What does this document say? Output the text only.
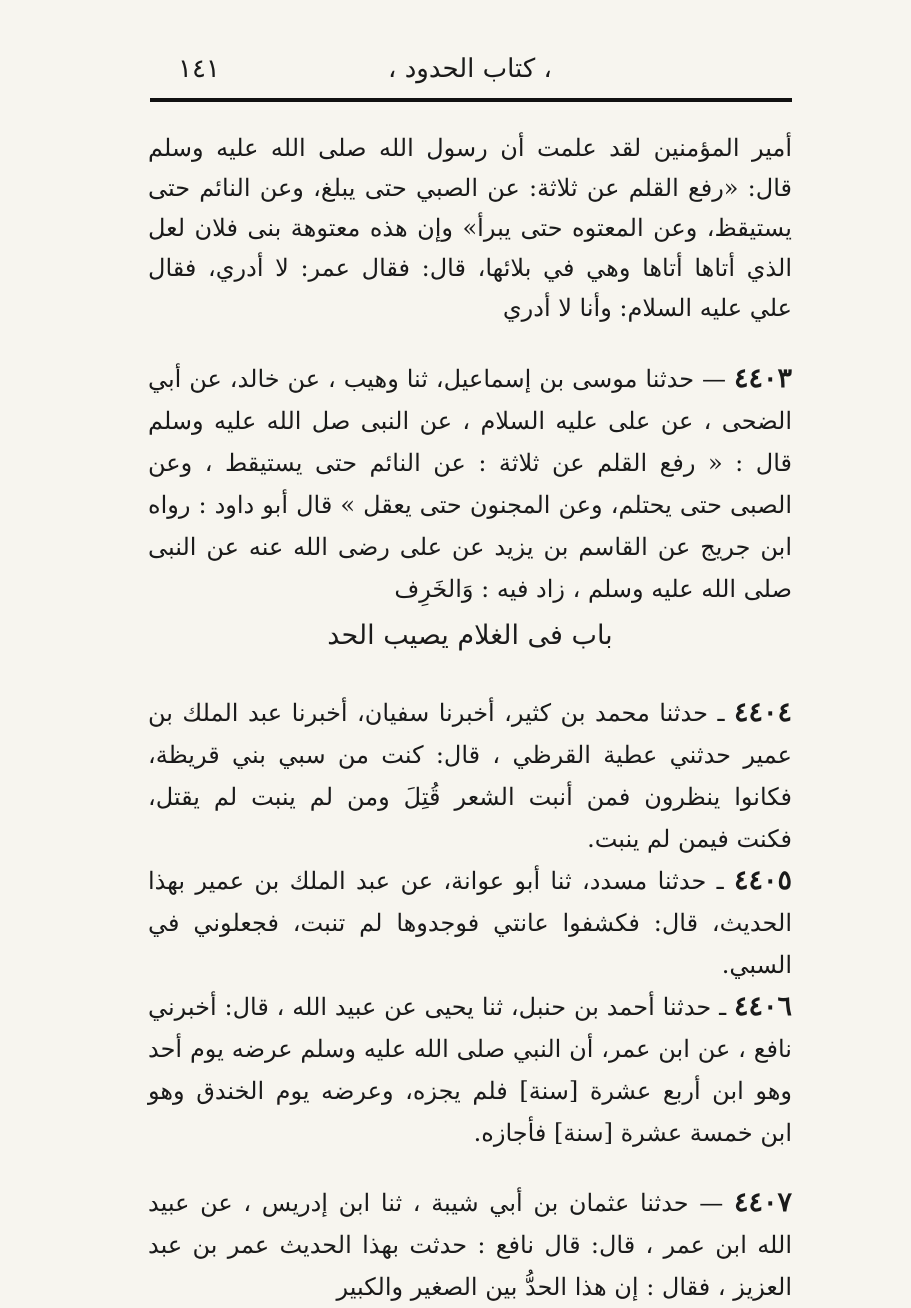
، كتاب الحدود ،
١٤١

أمير المؤمنين لقد علمت أن رسول الله صلى الله عليه وسلم قال: «رفع القلم عن ثلاثة: عن الصبي حتى يبلغ، وعن النائم حتى يستيقظ، وعن المعتوه حتى يبرأ» وإن هذه معتوهة بنى فلان لعل الذي أتاها أتاها وهي في بلائها، قال: فقال عمر: لا أدري، فقال علي عليه السلام: وأنا لا أدري

٤٤٠٣ — حدثنا موسى بن إسماعيل، ثنا وهيب ، عن خالد، عن أبي الضحى ، عن على عليه السلام ، عن النبى صل الله عليه وسلم قال : « رفع القلم عن ثلاثة : عن النائم حتى يستيقط ، وعن الصبى حتى يحتلم، وعن المجنون حتى يعقل » قال أبو داود : رواه ابن جريج عن القاسم بن يزيد عن على رضى الله عنه عن النبى صلى الله عليه وسلم ، زاد فيه : وَالخَرِف

باب فى الغلام يصيب الحد

٤٤٠٤ ـ حدثنا محمد بن كثير، أخبرنا سفيان، أخبرنا عبد الملك بن عمير حدثني عطية القرظي ، قال: كنت من سبي بني قريظة، فكانوا ينظرون فمن أنبت الشعر قُتِلَ ومن لم ينبت لم يقتل، فكنت فيمن لم ينبت.

٤٤٠٥ ـ حدثنا مسدد، ثنا أبو عوانة، عن عبد الملك بن عمير بهذا الحديث، قال: فكشفوا عانتي فوجدوها لم تنبت، فجعلوني في السبي.

٤٤٠٦ ـ حدثنا أحمد بن حنبل، ثنا يحيى عن عبيد الله ، قال: أخبرني نافع ، عن ابن عمر، أن النبي صلى الله عليه وسلم عرضه يوم أحد وهو ابن أربع عشرة [سنة] فلم يجزه، وعرضه يوم الخندق وهو ابن خمسة عشرة [سنة] فأجازه.

٤٤٠٧ — حدثنا عثمان بن أبي شيبة ، ثنا ابن إدريس ، عن عبيد الله ابن عمر ، قال: قال نافع : حدثت بهذا الحديث عمر بن عبد العزيز ، فقال : إن هذا الحدُّ بين الصغير والكبير
